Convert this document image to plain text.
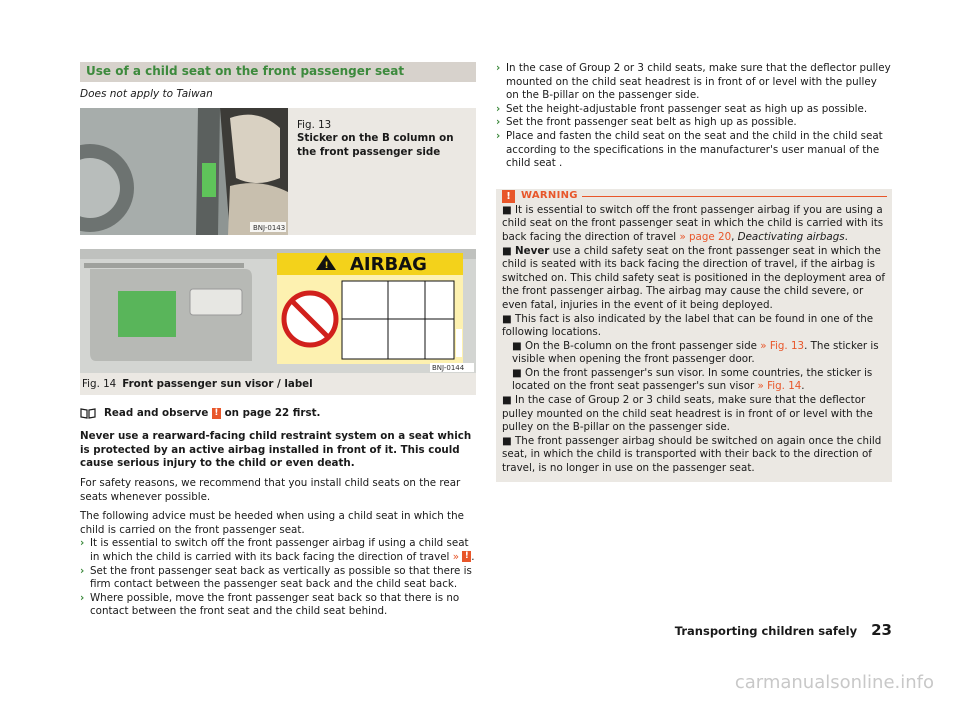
Use of a child seat on the front passenger seat
Does not apply to Taiwan
BNJ-0143
Fig. 13
Sticker on the B column on the front passenger side
! AIRBAG
BNJ-0144
Fig. 14 Front passenger sun visor / label
Read and observe
!
on page 22 first.

Never use a rearward-facing child restraint system on a seat which is protected by an active airbag installed in front of it. This could cause serious injury to the child or even death.

For safety reasons, we recommend that you install child seats on the rear seats whenever possible.

The following advice must be heeded when using a child seat in which the child is carried on the front passenger seat.

› It is essential to switch off the front passenger airbag if using a child seat in which the child is carried with its back facing the direction of travel » ! .
› Set the front passenger seat back as vertically as possible so that there is firm contact between the passenger seat back and the child seat back.
› Where possible, move the front passenger seat back so that there is no contact between the front seat and the child seat behind.
› In the case of Group 2 or 3 child seats, make sure that the deflector pulley mounted on the child seat headrest is in front of or level with the pulley on the B-pillar on the passenger side.
› Set the height-adjustable front passenger seat as high up as possible.
› Set the front passenger seat belt as high up as possible.
› Place and fasten the child seat on the seat and the child in the child seat according to the specifications in the manufacturer's user manual of the child seat .
!	WARNING
■ It is essential to switch off the front passenger airbag if you are using a child seat on the front passenger seat in which the child is carried with its back facing the direction of travel » page 20, Deactivating airbags.
■ Never use a child safety seat on the front passenger seat in which the child is seated with its back facing the direction of travel, if the airbag is switched on. This child safety seat is positioned in the deployment area of the front passenger airbag. The airbag may cause the child severe, or even fatal, injuries in the event of it being deployed.
■ This fact is also indicated by the label that can be found in one of the following locations.
■ On the B-column on the front passenger side » Fig. 13. The sticker is visible when opening the front passenger door.
■ On the front passenger's sun visor. In some countries, the sticker is located on the front seat passenger's sun visor » Fig. 14.
■ In the case of Group 2 or 3 child seats, make sure that the deflector pulley mounted on the child seat headrest is in front of or level with the pulley on the B-pillar on the passenger side.
■ The front passenger airbag should be switched on again once the child seat, in which the child is transported with their back to the direction of travel, is no longer in use on the passenger seat.
Transporting children safely 23
carmanualsonline.info
